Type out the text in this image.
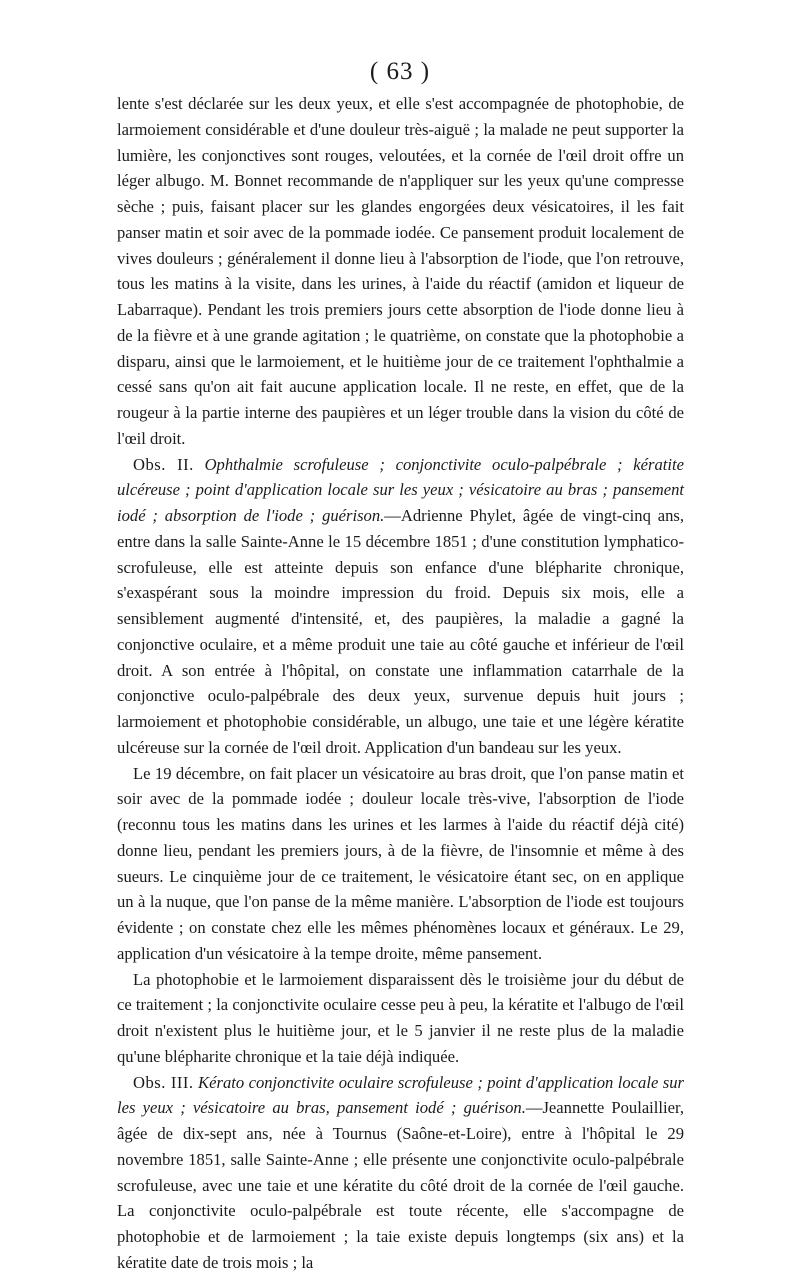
( 63 )

lente s'est déclarée sur les deux yeux, et elle s'est accompagnée de photophobie, de larmoiement considérable et d'une douleur très-aiguë ; la malade ne peut supporter la lumière, les conjonctives sont rouges, veloutées, et la cornée de l'œil droit offre un léger albugo. M. Bonnet recommande de n'appliquer sur les yeux qu'une compresse sèche ; puis, faisant placer sur les glandes engorgées deux vésicatoires, il les fait panser matin et soir avec de la pommade iodée. Ce pansement produit localement de vives douleurs ; généralement il donne lieu à l'absorption de l'iode, que l'on retrouve, tous les matins à la visite, dans les urines, à l'aide du réactif (amidon et liqueur de Labarraque). Pendant les trois premiers jours cette absorption de l'iode donne lieu à de la fièvre et à une grande agitation ; le quatrième, on constate que la photophobie a disparu, ainsi que le larmoiement, et le huitième jour de ce traitement l'ophthalmie a cessé sans qu'on ait fait aucune application locale. Il ne reste, en effet, que de la rougeur à la partie interne des paupières et un léger trouble dans la vision du côté de l'œil droit.

Obs. II. Ophthalmie scrofuleuse ; conjonctivite oculo-palpébrale ; kératite ulcéreuse ; point d'application locale sur les yeux ; vésicatoire au bras ; pansement iodé ; absorption de l'iode ; guérison.—Adrienne Phylet, âgée de vingt-cinq ans, entre dans la salle Sainte-Anne le 15 décembre 1851 ; d'une constitution lymphatico-scrofuleuse, elle est atteinte depuis son enfance d'une blépharite chronique, s'exaspérant sous la moindre impression du froid. Depuis six mois, elle a sensiblement augmenté d'intensité, et, des paupières, la maladie a gagné la conjonctive oculaire, et a même produit une taie au côté gauche et inférieur de l'œil droit. A son entrée à l'hôpital, on constate une inflammation catarrhale de la conjonctive oculo-palpébrale des deux yeux, survenue depuis huit jours ; larmoiement et photophobie considérable, un albugo, une taie et une légère kératite ulcéreuse sur la cornée de l'œil droit. Application d'un bandeau sur les yeux.

Le 19 décembre, on fait placer un vésicatoire au bras droit, que l'on panse matin et soir avec de la pommade iodée ; douleur locale très-vive, l'absorption de l'iode (reconnu tous les matins dans les urines et les larmes à l'aide du réactif déjà cité) donne lieu, pendant les premiers jours, à de la fièvre, de l'insomnie et même à des sueurs. Le cinquième jour de ce traitement, le vésicatoire étant sec, on en applique un à la nuque, que l'on panse de la même manière. L'absorption de l'iode est toujours évidente ; on constate chez elle les mêmes phénomènes locaux et généraux. Le 29, application d'un vésicatoire à la tempe droite, même pansement.

La photophobie et le larmoiement disparaissent dès le troisième jour du début de ce traitement ; la conjonctivite oculaire cesse peu à peu, la kératite et l'albugo de l'œil droit n'existent plus le huitième jour, et le 5 janvier il ne reste plus de la maladie qu'une blépharite chronique et la taie déjà indiquée.

Obs. III. Kérato conjonctivite oculaire scrofuleuse ; point d'application locale sur les yeux ; vésicatoire au bras, pansement iodé ; guérison.—Jeannette Poulaillier, âgée de dix-sept ans, née à Tournus (Saône-et-Loire), entre à l'hôpital le 29 novembre 1851, salle Sainte-Anne ; elle présente une conjonctivite oculo-palpébrale scrofuleuse, avec une taie et une kératite du côté droit de la cornée de l'œil gauche. La conjonctivite oculo-palpébrale est toute récente, elle s'accompagne de photophobie et de larmoiement ; la taie existe depuis longtemps (six ans) et la kératite date de trois mois ; la
